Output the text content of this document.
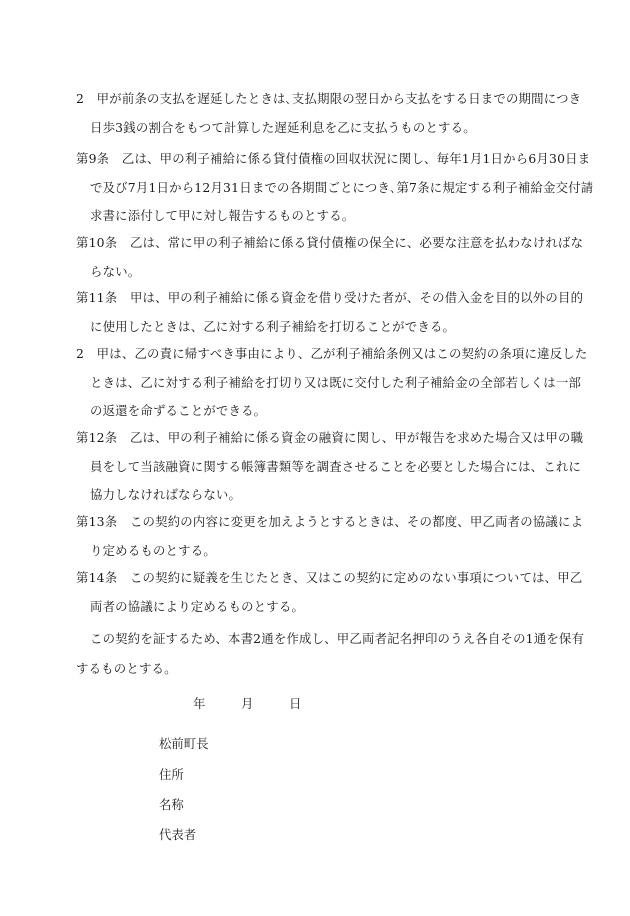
2　甲が前条の支払を遅延したときは､支払期限の翌日から支払をする日までの期間につき
日歩3銭の割合をもつて計算した遅延利息を乙に支払うものとする。
第9条　乙は、甲の利子補給に係る貸付債権の回収状況に関し、毎年1月1日から6月30日ま
で及び7月1日から12月31日までの各期間ごとにつき､第7条に規定する利子補給金交付請
求書に添付して甲に対し報告するものとする。
第10条　乙は、常に甲の利子補給に係る貸付債権の保全に、必要な注意を払わなければな
らない。
第11条　甲は、甲の利子補給に係る資金を借り受けた者が、その借入金を目的以外の目的
に使用したときは、乙に対する利子補給を打切ることができる。
2　甲は、乙の責に帰すべき事由により、乙が利子補給条例又はこの契約の条項に違反した
ときは、乙に対する利子補給を打切り又は既に交付した利子補給金の全部若しくは一部
の返還を命ずることができる。
第12条　乙は、甲の利子補給に係る資金の融資に関し、甲が報告を求めた場合又は甲の職
員をして当該融資に関する帳簿書類等を調査させることを必要とした場合には、これに
協力しなければならない。
第13条　この契約の内容に変更を加えようとするときは、その都度、甲乙両者の協議によ
り定めるものとする。
第14条　この契約に疑義を生じたとき、又はこの契約に定めのない事項については、甲乙
両者の協議により定めるものとする。
この契約を証するため、本書2通を作成し、甲乙両者記名押印のうえ各自その1通を保有
するものとする。
年	月	日
松前町長
住所
名称
代表者
